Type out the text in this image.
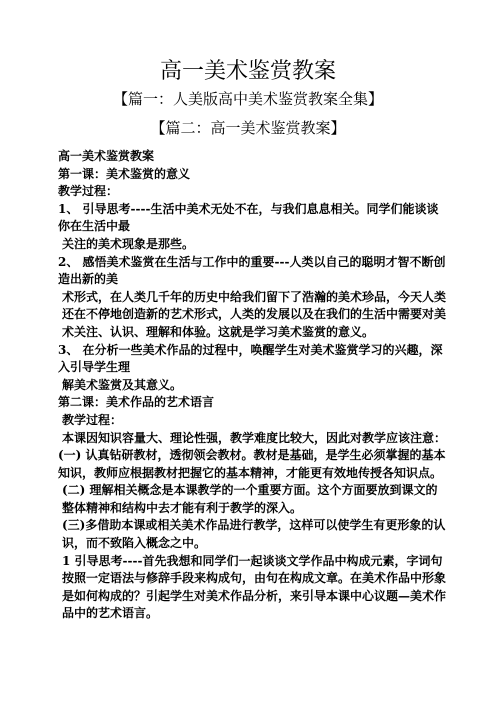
高一美术鉴赏教案
【篇一：人美版高中美术鉴赏教案全集】
【篇二：高一美术鉴赏教案】

高一美术鉴赏教案

第一课：美术鉴赏的意义

教学过程：

1、 引导思考----生活中美术无处不在，与我们息息相关。同学们能谈谈你在生活中最

关注的美术现象是那些。

2、 感悟美术鉴赏在生活与工作中的重要---人类以自己的聪明才智不断创造出新的美

术形式，在人类几千年的历史中给我们留下了浩瀚的美术珍品，今天人类还在不停地创造新的艺术形式，人类的发展以及在我们的生活中需要对美术关注、认识、理解和体验。这就是学习美术鉴赏的意义。

3、 在分析一些美术作品的过程中，唤醒学生对美术鉴赏学习的兴趣，深入引导学生理

解美术鉴赏及其意义。

第二课：美术作品的艺术语言

教学过程：

本课因知识容量大、理论性强，教学难度比较大，因此对教学应该注意：

(一) 认真钻研教材，透彻领会教材。教材是基础，是学生必须掌握的基本知识，教师应根据教材把握它的基本精神，才能更有效地传授各知识点。

(二) 理解相关概念是本课教学的一个重要方面。这个方面要放到课文的整体精神和结构中去才能有利于教学的深入。

(三)多借助本课或相关美术作品进行教学，这样可以使学生有更形象的认识，而不致陷入概念之中。

1 引导思考----首先我想和同学们一起谈谈文学作品中构成元素，字词句按照一定语法与修辞手段来构成句，由句在构成文章。在美术作品中形象是如何构成的？引起学生对美术作品分析，来引导本课中心议题—美术作品中的艺术语言。
